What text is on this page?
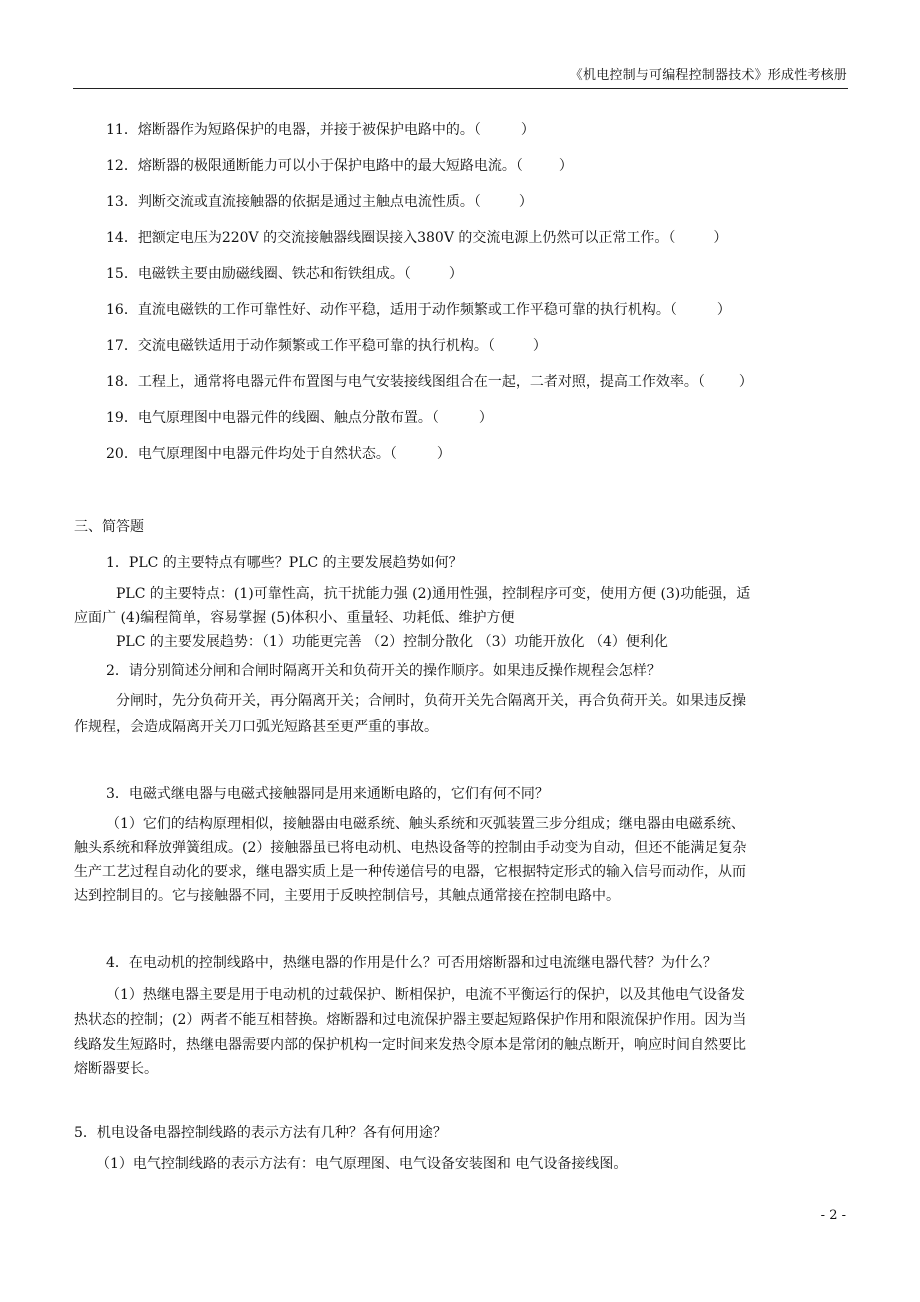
《机电控制与可编程控制器技术》形成性考核册
11．熔断器作为短路保护的电器，并接于被保护电路中的。（	）
12．熔断器的极限通断能力可以小于保护电路中的最大短路电流。（	）
13．判断交流或直流接触器的依据是通过主触点电流性质。（	）
14．把额定电压为220V 的交流接触器线圈误接入380V 的交流电源上仍然可以正常工作。（	）
15．电磁铁主要由励磁线圈、铁芯和衔铁组成。（	）
16．直流电磁铁的工作可靠性好、动作平稳，适用于动作频繁或工作平稳可靠的执行机构。（	）
17．交流电磁铁适用于动作频繁或工作平稳可靠的执行机构。（	）
18．工程上，通常将电器元件布置图与电气安装接线图组合在一起，二者对照，提高工作效率。（ ）
19．电气原理图中电器元件的线圈、触点分散布置。（	）
20．电气原理图中电器元件均处于自然状态。（	）
三、简答题
1．PLC 的主要特点有哪些？PLC 的主要发展趋势如何？
PLC 的主要特点：(1)可靠性高，抗干扰能力强 (2)通用性强，控制程序可变，使用方便 (3)功能强，适
应面广 (4)编程简单，容易掌握 (5)体积小、重量轻、功耗低、维护方便
PLC 的主要发展趋势：（1）功能更完善 （2）控制分散化 （3）功能开放化 （4）便利化
2．请分别简述分闸和合闸时隔离开关和负荷开关的操作顺序。如果违反操作规程会怎样？
分闸时，先分负荷开关，再分隔离开关；合闸时，负荷开关先合隔离开关，再合负荷开关。如果违反操
作规程，会造成隔离开关刀口弧光短路甚至更严重的事故。
3．电磁式继电器与电磁式接触器同是用来通断电路的，它们有何不同？
（1）它们的结构原理相似，接触器由电磁系统、触头系统和灭弧装置三步分组成；继电器由电磁系统、
触头系统和释放弹簧组成。(2）接触器虽已将电动机、电热设备等的控制由手动变为自动，但还不能满足复杂
生产工艺过程自动化的要求，继电器实质上是一种传递信号的电器，它根据特定形式的输入信号而动作，从而
达到控制目的。它与接触器不同，主要用于反映控制信号，其触点通常接在控制电路中。
4．在电动机的控制线路中，热继电器的作用是什么？可否用熔断器和过电流继电器代替？为什么？
（1）热继电器主要是用于电动机的过载保护、断相保护，电流不平衡运行的保护，以及其他电气设备发
热状态的控制；(2）两者不能互相替换。熔断器和过电流保护器主要起短路保护作用和限流保护作用。因为当
线路发生短路时，热继电器需要内部的保护机构一定时间来发热令原本是常闭的触点断开，响应时间自然要比
熔断器要长。
5．机电设备电器控制线路的表示方法有几种？各有何用途？
（1）电气控制线路的表示方法有：电气原理图、电气设备安装图和 电气设备接线图。
- 2 -
